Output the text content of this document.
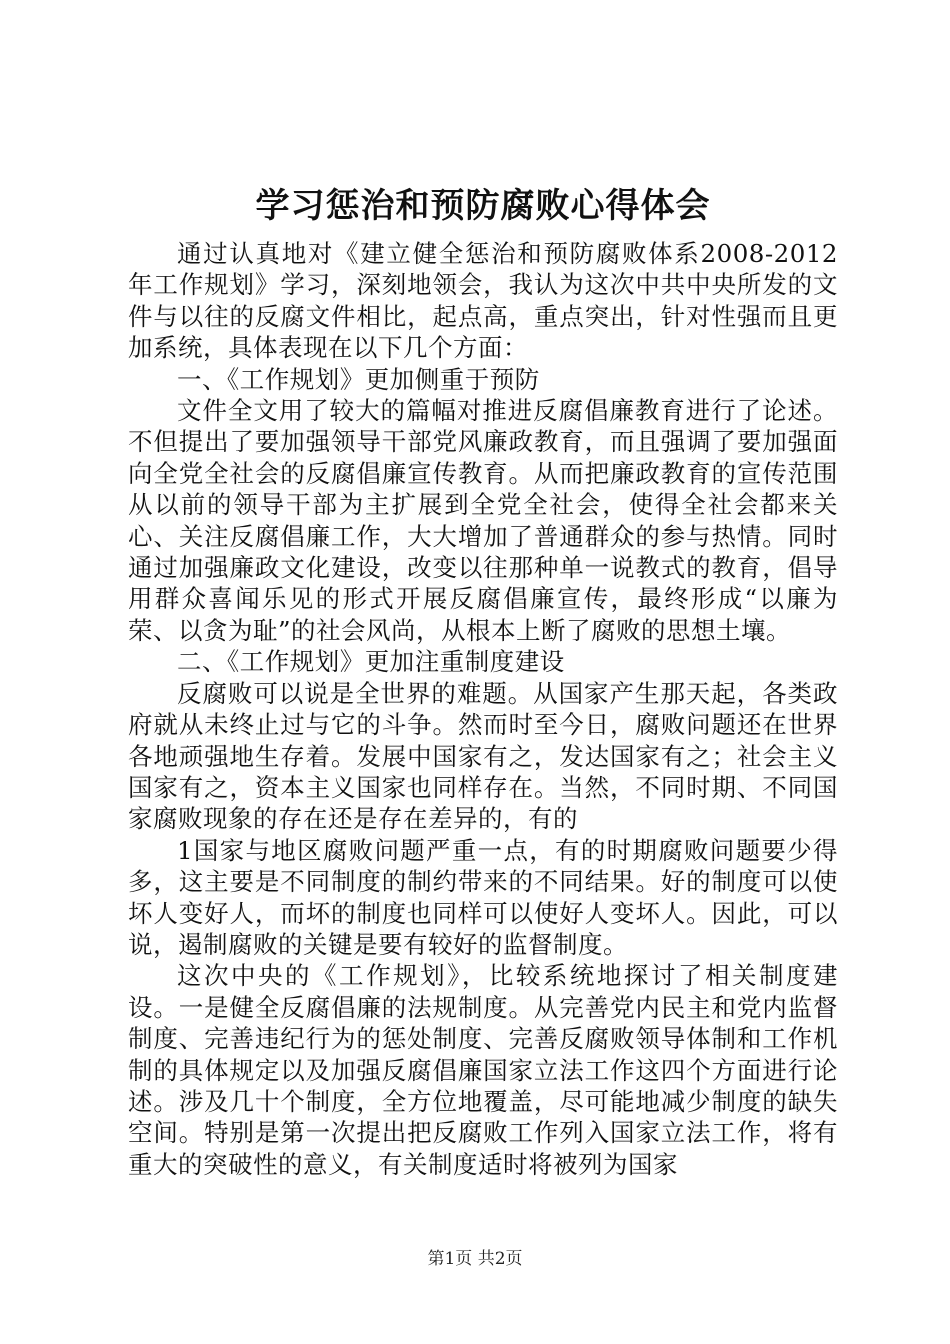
学习惩治和预防腐败心得体会

通过认真地对《建立健全惩治和预防腐败体系2008-2012年工作规划》学习，深刻地领会，我认为这次中共中央所发的文件与以往的反腐文件相比，起点高，重点突出，针对性强而且更加系统，具体表现在以下几个方面：

一、《工作规划》更加侧重于预防

文件全文用了较大的篇幅对推进反腐倡廉教育进行了论述。不但提出了要加强领导干部党风廉政教育，而且强调了要加强面向全党全社会的反腐倡廉宣传教育。从而把廉政教育的宣传范围从以前的领导干部为主扩展到全党全社会，使得全社会都来关心、关注反腐倡廉工作，大大增加了普通群众的参与热情。同时通过加强廉政文化建设，改变以往那种单一说教式的教育，倡导用群众喜闻乐见的形式开展反腐倡廉宣传，最终形成“以廉为荣、以贪为耻”的社会风尚，从根本上断了腐败的思想土壤。

二、《工作规划》更加注重制度建设

反腐败可以说是全世界的难题。从国家产生那天起，各类政府就从未终止过与它的斗争。然而时至今日，腐败问题还在世界各地顽强地生存着。发展中国家有之，发达国家有之；社会主义国家有之，资本主义国家也同样存在。当然，不同时期、不同国家腐败现象的存在还是存在差异的，有的

1国家与地区腐败问题严重一点，有的时期腐败问题要少得多，这主要是不同制度的制约带来的不同结果。好的制度可以使坏人变好人，而坏的制度也同样可以使好人变坏人。因此，可以说，遏制腐败的关键是要有较好的监督制度。

这次中央的《工作规划》，比较系统地探讨了相关制度建设。一是健全反腐倡廉的法规制度。从完善党内民主和党内监督制度、完善违纪行为的惩处制度、完善反腐败领导体制和工作机制的具体规定以及加强反腐倡廉国家立法工作这四个方面进行论述。涉及几十个制度，全方位地覆盖，尽可能地减少制度的缺失空间。特别是第一次提出把反腐败工作列入国家立法工作，将有重大的突破性的意义，有关制度适时将被列为国家

第1页 共2页
